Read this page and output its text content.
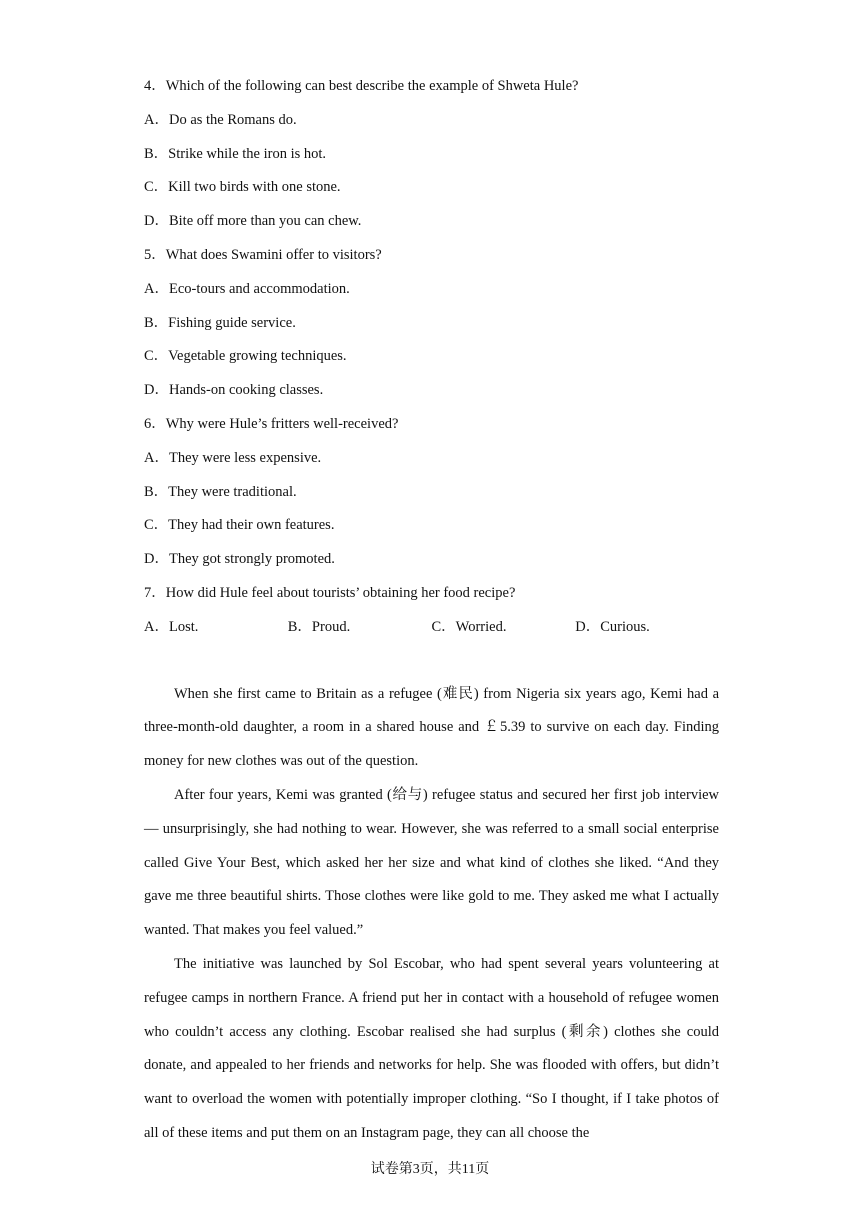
4．Which of the following can best describe the example of Shweta Hule?
A．Do as the Romans do.
B．Strike while the iron is hot.
C．Kill two birds with one stone.
D．Bite off more than you can chew.
5．What does Swamini offer to visitors?
A．Eco-tours and accommodation.
B．Fishing guide service.
C．Vegetable growing techniques.
D．Hands-on cooking classes.
6．Why were Hule’s fritters well-received?
A．They were less expensive.
B．They were traditional.
C．They had their own features.
D．They got strongly promoted.
7．How did Hule feel about tourists’ obtaining her food recipe?
A．Lost.	B．Proud.	C．Worried.	D．Curious.

When she first came to Britain as a refugee (难民) from Nigeria six years ago, Kemi had a three-month-old daughter, a room in a shared house and ￡5.39 to survive on each day. Finding money for new clothes was out of the question.

After four years, Kemi was granted (给与) refugee status and secured her first job interview — unsurprisingly, she had nothing to wear. However, she was referred to a small social enterprise called Give Your Best, which asked her her size and what kind of clothes she liked. “And they gave me three beautiful shirts. Those clothes were like gold to me. They asked me what I actually wanted. That makes you feel valued.”

The initiative was launched by Sol Escobar, who had spent several years volunteering at refugee camps in northern France. A friend put her in contact with a household of refugee women who couldn’t access any clothing. Escobar realised she had surplus (剩余) clothes she could donate, and appealed to her friends and networks for help. She was flooded with offers, but didn’t want to overload the women with potentially improper clothing. “So I thought, if I take photos of all of these items and put them on an Instagram page, they can all choose the

试卷第3页，共11页
